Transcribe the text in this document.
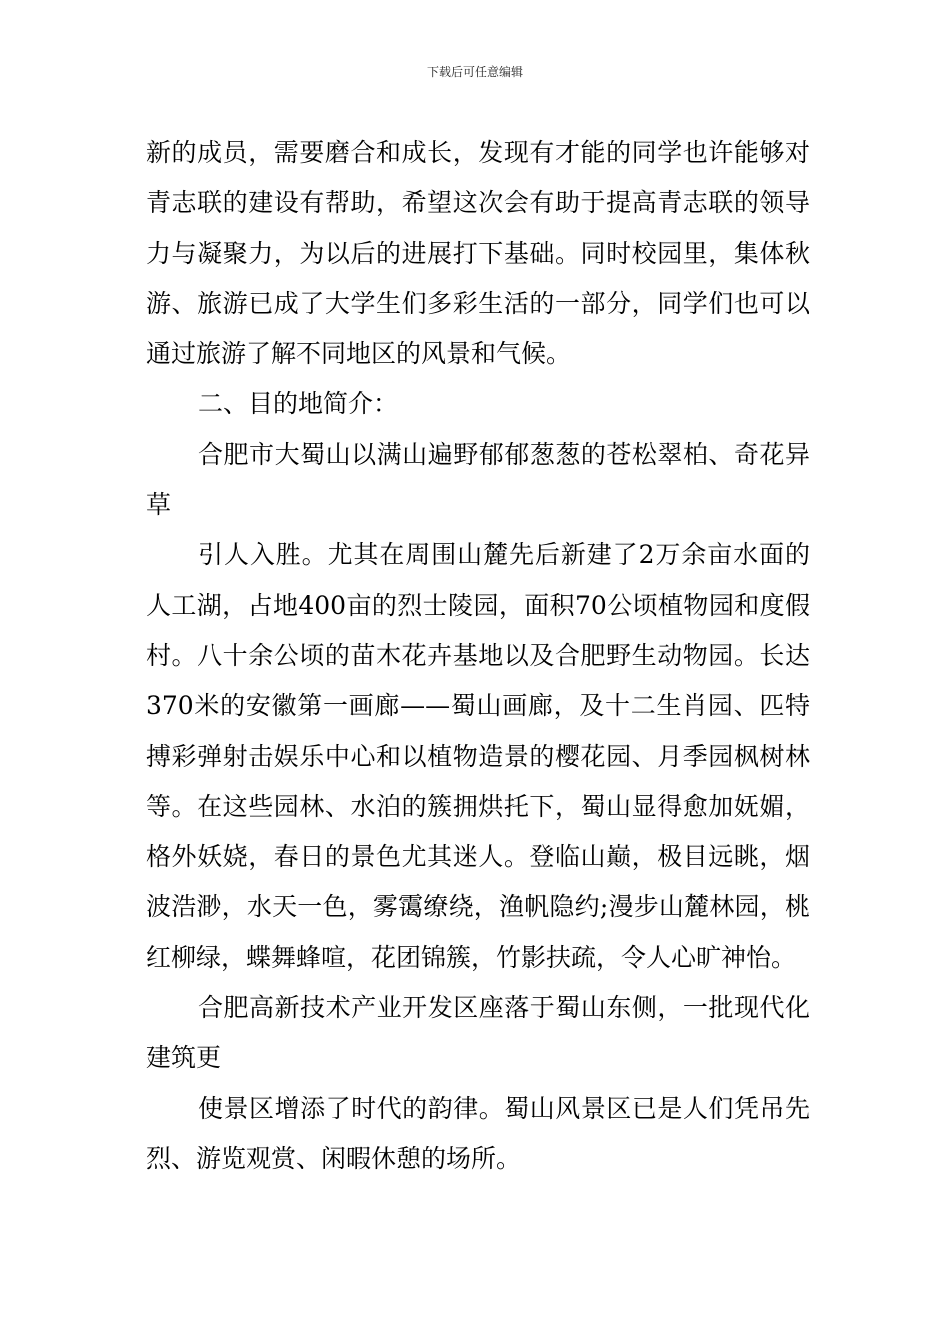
下载后可任意编辑

新的成员，需要磨合和成长，发现有才能的同学也许能够对青志联的建设有帮助，希望这次会有助于提高青志联的领导力与凝聚力，为以后的进展打下基础。同时校园里，集体秋游、旅游已成了大学生们多彩生活的一部分，同学们也可以通过旅游了解不同地区的风景和气候。

二、目的地简介：

合肥市大蜀山以满山遍野郁郁葱葱的苍松翠柏、奇花异草

引人入胜。尤其在周围山麓先后新建了2万余亩水面的人工湖，占地400亩的烈士陵园，面积70公顷植物园和度假村。八十余公顷的苗木花卉基地以及合肥野生动物园。长达370米的安徽第一画廊——蜀山画廊，及十二生肖园、匹特搏彩弹射击娱乐中心和以植物造景的樱花园、月季园枫树林等。在这些园林、水泊的簇拥烘托下，蜀山显得愈加妩媚，格外妖娆，春日的景色尤其迷人。登临山巅，极目远眺，烟波浩渺，水天一色，雾霭缭绕，渔帆隐约;漫步山麓林园，桃红柳绿，蝶舞蜂喧，花团锦簇，竹影扶疏，令人心旷神怡。

合肥高新技术产业开发区座落于蜀山东侧，一批现代化建筑更

使景区增添了时代的韵律。蜀山风景区已是人们凭吊先烈、游览观赏、闲暇休憩的场所。
